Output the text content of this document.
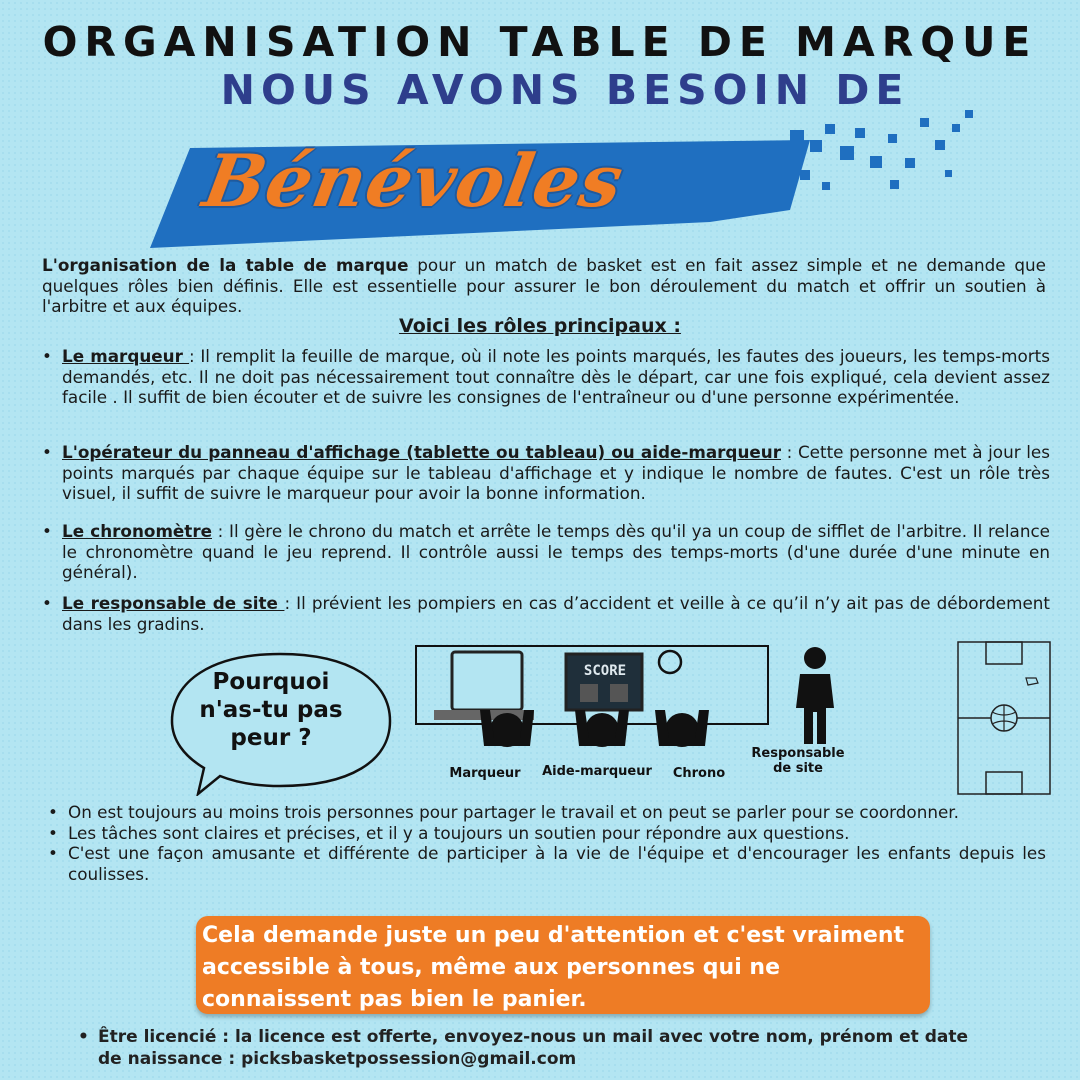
ORGANISATION TABLE DE MARQUE
NOUS AVONS BESOIN DE
Bénévoles
L'organisation de la table de marque pour un match de basket est en fait assez simple et ne demande que quelques rôles bien définis. Elle est essentielle pour assurer le bon déroulement du match et offrir un soutien à l'arbitre et aux équipes.
Voici les rôles principaux :
• Le marqueur : Il remplit la feuille de marque, où il note les points marqués, les fautes des joueurs, les temps-morts demandés, etc. Il ne doit pas nécessairement tout connaître dès le départ, car une fois expliqué, cela devient assez facile . Il suffit de bien écouter et de suivre les consignes de l'entraîneur ou d'une personne expérimentée.
• L'opérateur du panneau d'affichage (tablette ou tableau) ou aide-marqueur : Cette personne met à jour les points marqués par chaque équipe sur le tableau d'affichage et y indique le nombre de fautes. C'est un rôle très visuel, il suffit de suivre le marqueur pour avoir la bonne information.
• Le chronomètre : Il gère le chrono du match et arrête le temps dès qu'il ya un coup de sifflet de l'arbitre. Il relance le chronomètre quand le jeu reprend. Il contrôle aussi le temps des temps-morts (d'une durée d'une minute en général).
• Le responsable de site : Il prévient les pompiers en cas d’accident et veille à ce qu’il n’y ait pas de débordement dans les gradins.
Pourquoi n'as-tu pas peur ?
SCORE
Marqueur	Aide-marqueur	Chrono
Responsable de site
• On est toujours au moins trois personnes pour partager le travail et on peut se parler pour se coordonner.
• Les tâches sont claires et précises, et il y a toujours un soutien pour répondre aux questions.
• C'est une façon amusante et différente de participer à la vie de l'équipe et d'encourager les enfants depuis les coulisses.
Cela demande juste un peu d'attention et c'est vraiment accessible à tous, même aux personnes qui ne connaissent pas bien le panier.
• Être licencié : la licence est offerte, envoyez-nous un mail avec votre nom, prénom et date de naissance : picksbasketpossession@gmail.com
